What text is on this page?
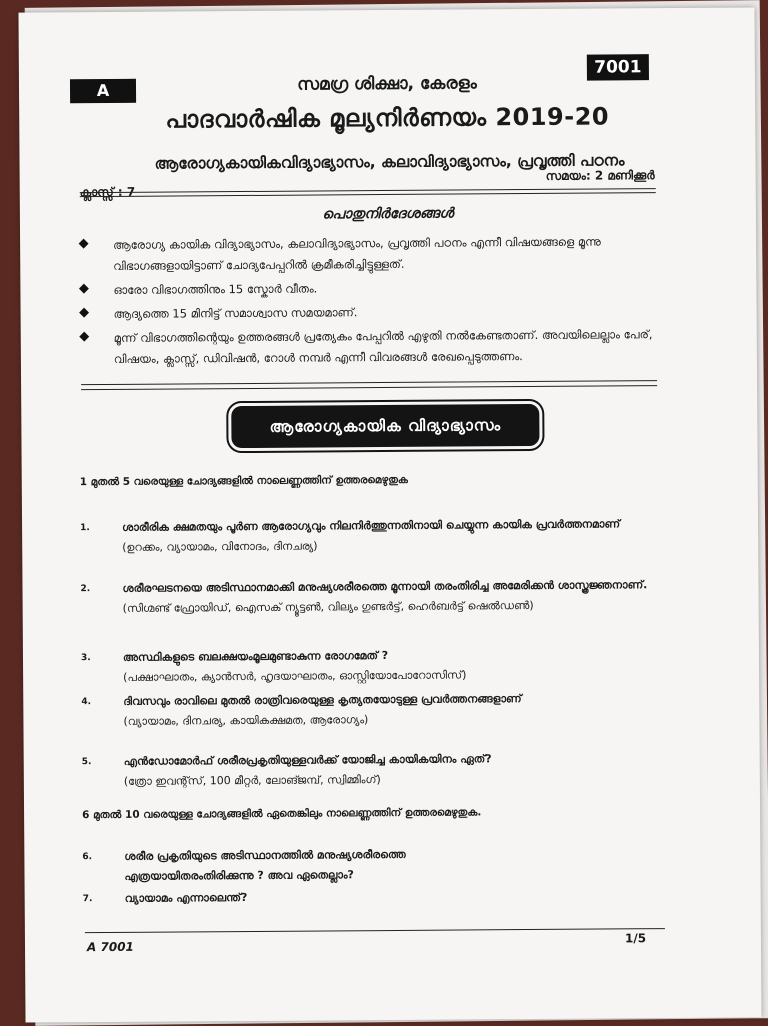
A
7001
സമഗ്ര ശിക്ഷാ, കേരളം
പാദവാർഷിക മൂല്യനിർണയം 2019-20
ആരോഗ്യകായികവിദ്യാഭ്യാസം, കലാവിദ്യാഭ്യാസം, പ്രവൃത്തി പഠനം
ക്ലാസ്സ് : 7
സമയം: 2 മണിക്കൂർ
പൊതുനിർദേശങ്ങൾ
ആരോഗ്യ കായിക വിദ്യാഭ്യാസം, കലാവിദ്യാഭ്യാസം, പ്രവൃത്തി പഠനം എന്നീ വിഷയങ്ങളെ മൂന്നു വിഭാഗങ്ങളായിട്ടാണ് ചോദ്യപേപ്പറിൽ ക്രമീകരിച്ചിട്ടുള്ളത്.
ഓരോ വിഭാഗത്തിനും 15 സ്കോർ വീതം.
ആദ്യത്തെ 15 മിനിട്ട് സമാശ്വാസ സമയമാണ്.
മൂന്ന് വിഭാഗത്തിന്റെയും ഉത്തരങ്ങൾ പ്രത്യേകം പേപ്പറിൽ എഴുതി നൽകേണ്ടതാണ്. അവയിലെല്ലാം പേര്, വിഷയം, ക്ലാസ്സ്, ഡിവിഷൻ, റോൾ നമ്പർ എന്നീ വിവരങ്ങൾ രേഖപ്പെടുത്തണം.
ആരോഗ്യകായിക വിദ്യാഭ്യാസം
1 മുതൽ 5 വരെയുള്ള ചോദ്യങ്ങളിൽ നാലെണ്ണത്തിന് ഉത്തരമെഴുതുക
1.	ശാരീരിക ക്ഷമതയും പൂർണ ആരോഗ്യവും നിലനിർത്തുന്നതിനായി ചെയ്യുന്ന കായിക പ്രവർത്തനമാണ്
(ഉറക്കം, വ്യായാമം, വിനോദം, ദിനചര്യ)
2.	ശരീരഘടനയെ അടിസ്ഥാനമാക്കി മനുഷ്യശരീരത്തെ മൂന്നായി തരംതിരിച്ച അമേരിക്കൻ ശാസ്ത്രജ്ഞനാണ്.
(സിഗ്മണ്ട് ഫ്രോയിഡ്, ഐസക് ന്യൂട്ടൺ, വില്യം ഗുണ്ടർട്ട്, ഹെർബർട്ട് ഷെൽഡൺ)
3.	അസ്ഥികളുടെ ബലക്ഷയംമൂലമുണ്ടാകുന്ന രോഗമേത് ?
(പക്ഷാഘാതം, ക്യാൻസർ, ഹൃദയാഘാതം, ഓസ്റ്റിയോപോറോസിസ്)
4.	ദിവസവും രാവിലെ മുതൽ രാത്രിവരെയുള്ള കൃത്യതയോടുള്ള പ്രവർത്തനങ്ങളാണ്
(വ്യായാമം, ദിനചര്യ, കായികക്ഷമത, ആരോഗ്യം)
5.	എൻഡോമോർഫ് ശരീരപ്രകൃതിയുള്ളവർക്ക് യോജിച്ച കായികയിനം ഏത്?
(ത്രോ ഇവന്റ്സ്, 100 മീറ്റർ, ലോങ്ജമ്പ്, സ്വിമ്മിംഗ്)
6 മുതൽ 10 വരെയുള്ള ചോദ്യങ്ങളിൽ ഏതെങ്കിലും നാലെണ്ണത്തിന് ഉത്തരമെഴുതുക.
6.	ശരീര പ്രകൃതിയുടെ അടിസ്ഥാനത്തിൽ മനുഷ്യശരീരത്തെ എത്രയായിതരംതിരിക്കുന്നു ? അവ ഏതെല്ലാം?
7.	വ്യായാമം എന്നാലെന്ത്?
A 7001
1/5
